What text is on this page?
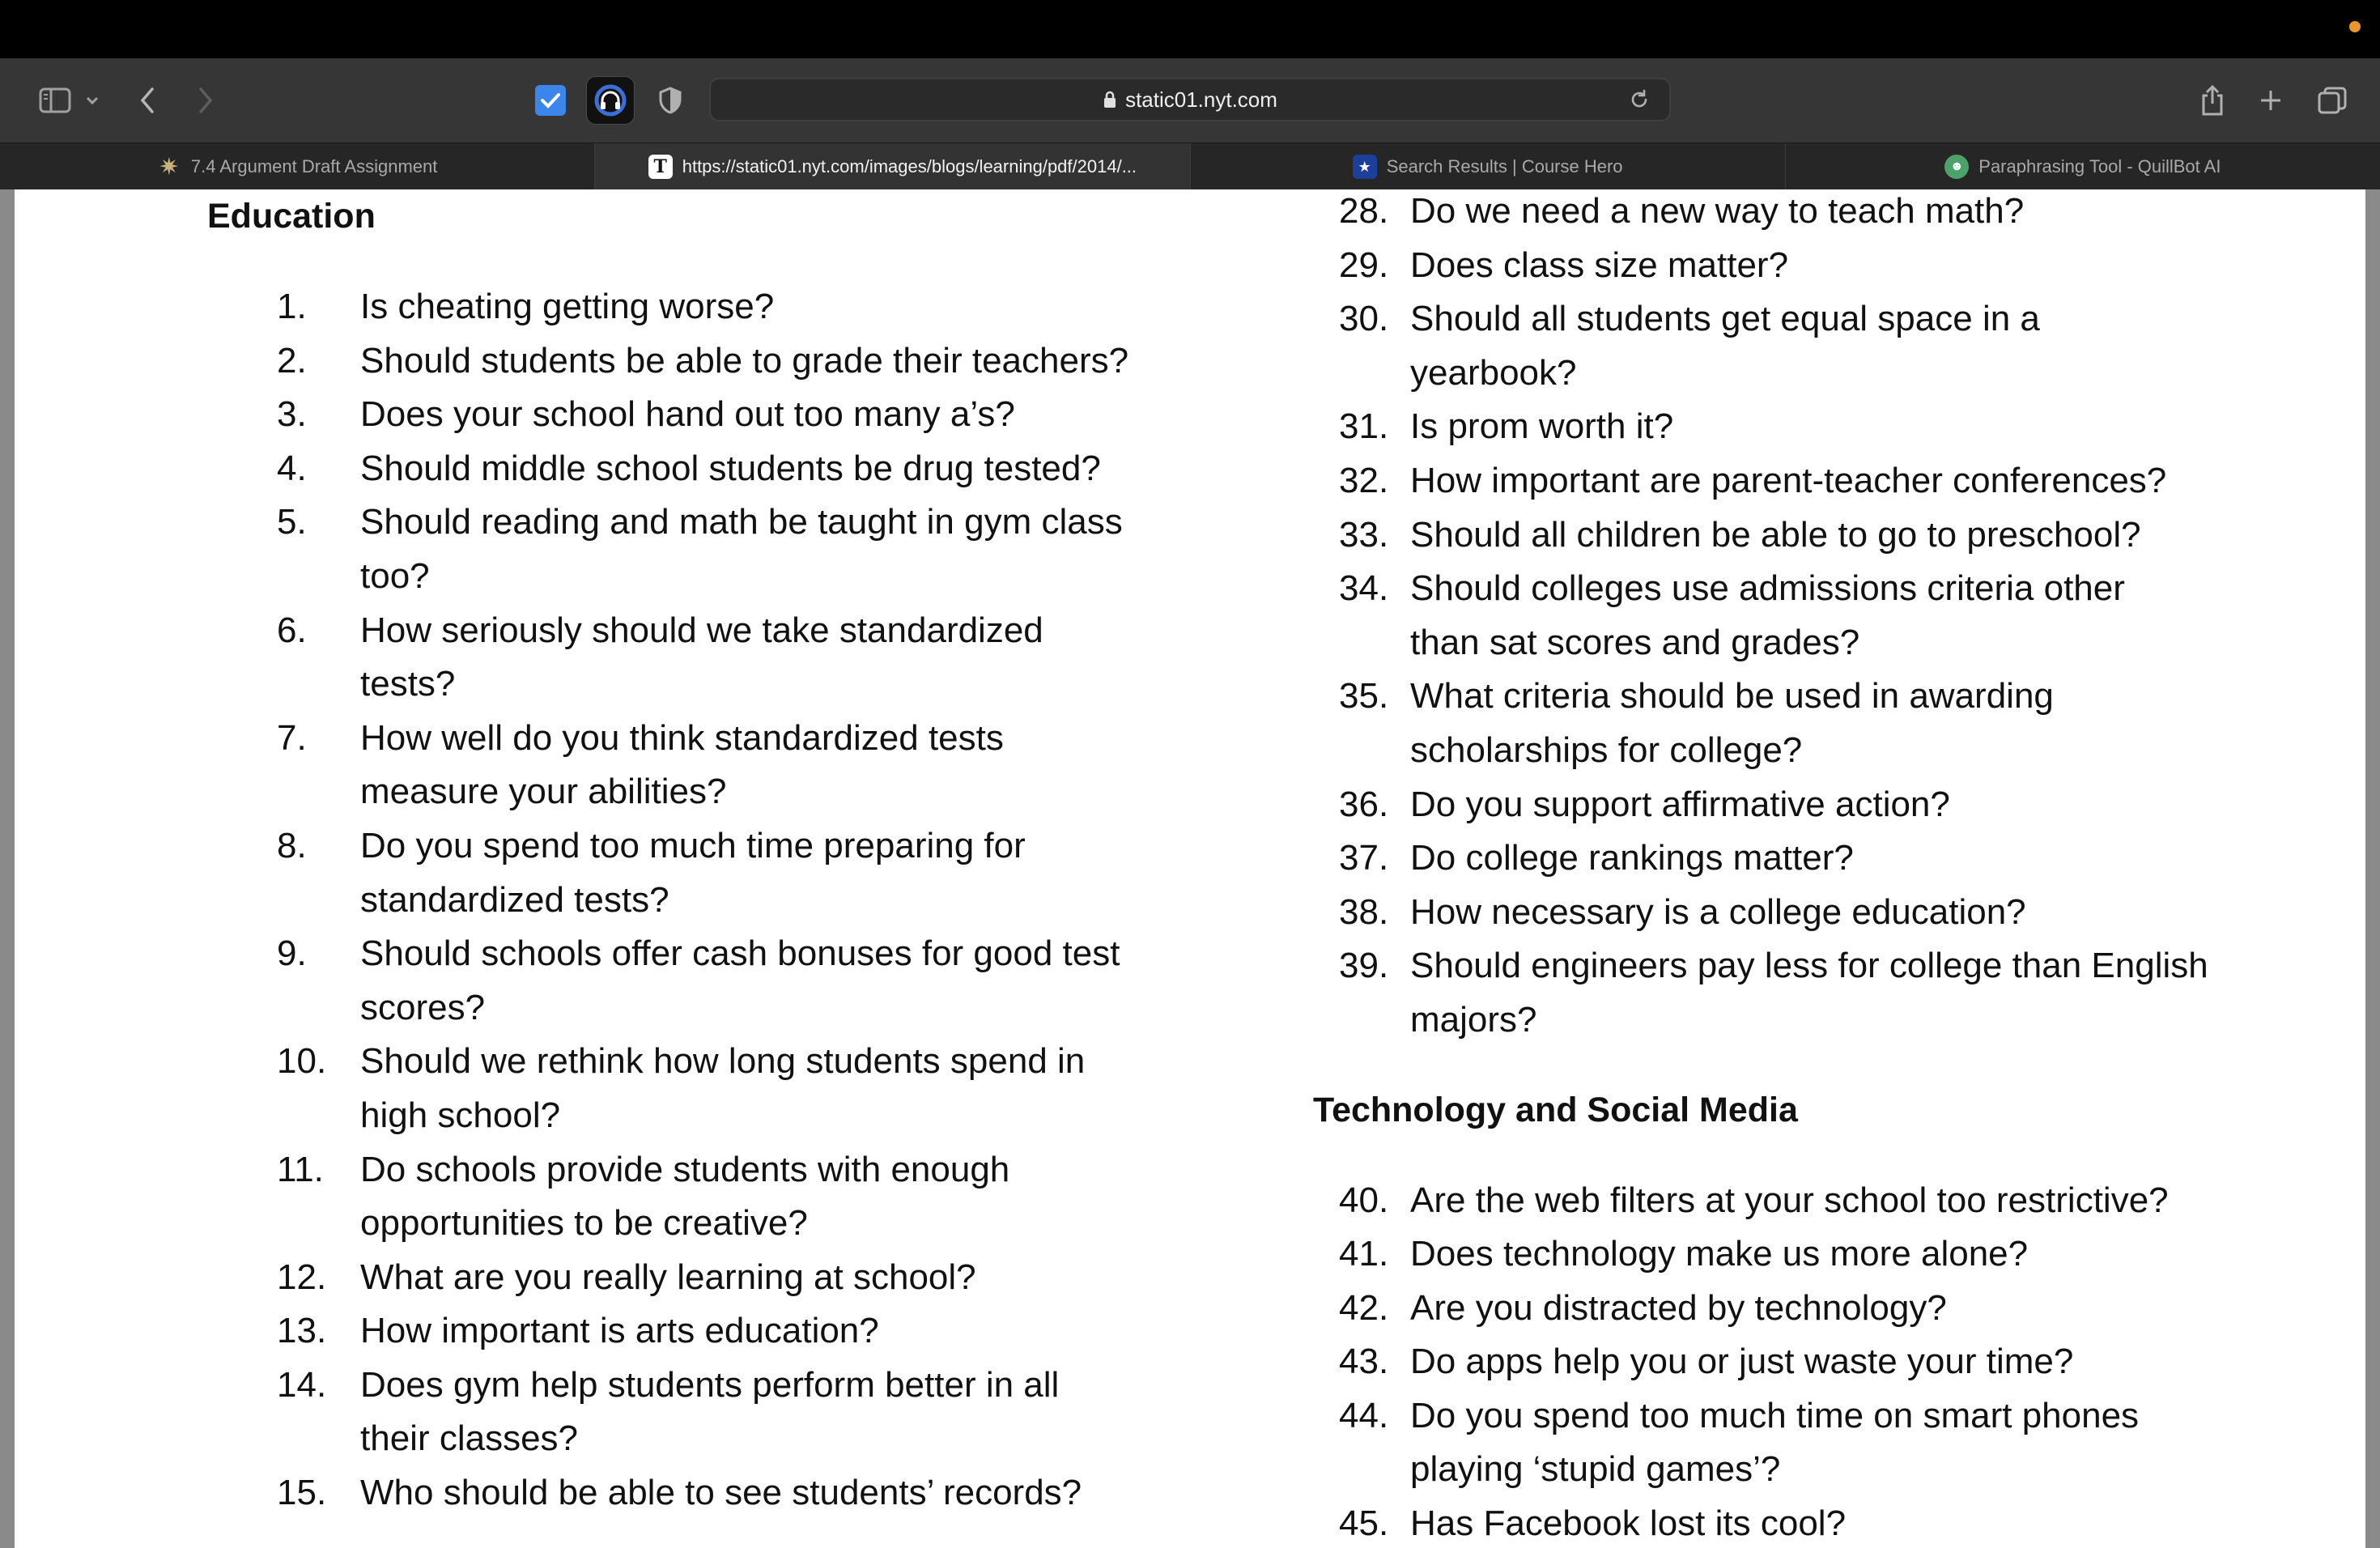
static01.nyt.com
✷ 7.4 Argument Draft Assignment	T https://static01.nyt.com/images/blogs/learning/pdf/2014/...	★ Search Results | Course Hero	☻ Paraphrasing Tool - QuillBot AI
Education
1.	Is cheating getting worse?
2.	Should students be able to grade their teachers?
3.	Does your school hand out too many a’s?
4.	Should middle school students be drug tested?
5.	Should reading and math be taught in gym class
too?
6.	How seriously should we take standardized
tests?
7.	How well do you think standardized tests
measure your abilities?
8.	Do you spend too much time preparing for
standardized tests?
9.	Should schools offer cash bonuses for good test
scores?
10. Should we rethink how long students spend in
high school?
11.	Do schools provide students with enough
opportunities to be creative?
12. What are you really learning at school?
13. How important is arts education?
14. Does gym help students perform better in all
their classes?
15. Who should be able to see students’ records?
28. Do we need a new way to teach math?
29. Does class size matter?
30. Should all students get equal space in a
yearbook?
31. Is prom worth it?
32. How important are parent-teacher conferences?
33. Should all children be able to go to preschool?
34. Should colleges use admissions criteria other
than sat scores and grades?
35. What criteria should be used in awarding
scholarships for college?
36. Do you support affirmative action?
37. Do college rankings matter?
38. How necessary is a college education?
39. Should engineers pay less for college than English
majors?
Technology and Social Media
40. Are the web filters at your school too restrictive?
41. Does technology make us more alone?
42. Are you distracted by technology?
43. Do apps help you or just waste your time?
44. Do you spend too much time on smart phones
playing ‘stupid games’?
45. Has Facebook lost its cool?
